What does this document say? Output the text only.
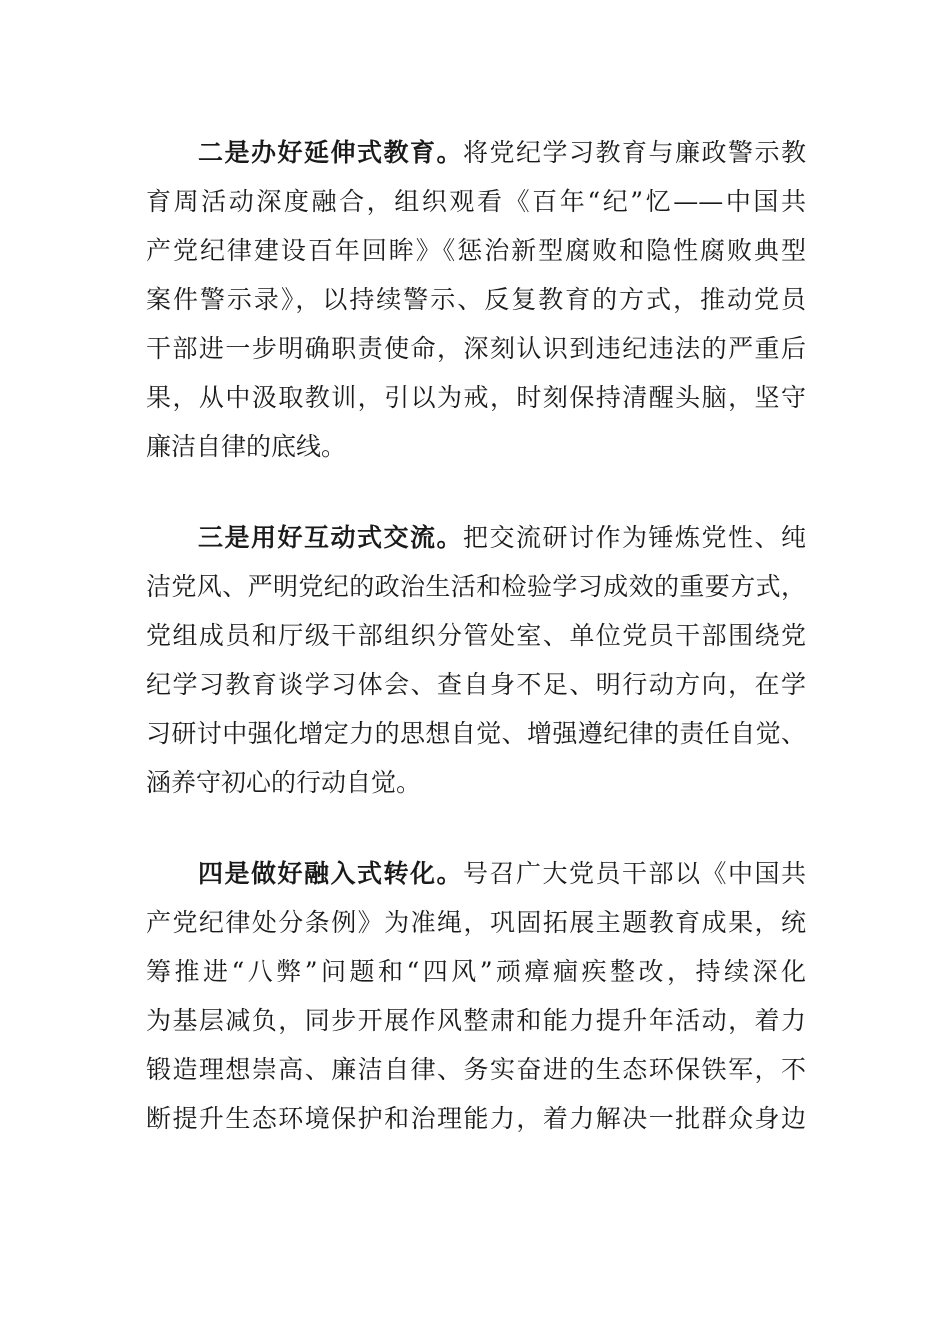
二是办好延伸式教育。将党纪学习教育与廉政警示教
育周活动深度融合，组织观看《百年“纪”忆——中国共
产党纪律建设百年回眸》《惩治新型腐败和隐性腐败典型
案件警示录》，以持续警示、反复教育的方式，推动党员
干部进一步明确职责使命，深刻认识到违纪违法的严重后
果，从中汲取教训，引以为戒，时刻保持清醒头脑，坚守
廉洁自律的底线。
三是用好互动式交流。把交流研讨作为锤炼党性、纯
洁党风、严明党纪的政治生活和检验学习成效的重要方式，
党组成员和厅级干部组织分管处室、单位党员干部围绕党
纪学习教育谈学习体会、查自身不足、明行动方向，在学
习研讨中强化增定力的思想自觉、增强遵纪律的责任自觉、
涵养守初心的行动自觉。
四是做好融入式转化。号召广大党员干部以《中国共
产党纪律处分条例》为准绳，巩固拓展主题教育成果，统
筹推进“八弊”问题和“四风”顽瘴痼疾整改，持续深化
为基层减负，同步开展作风整肃和能力提升年活动，着力
锻造理想崇高、廉洁自律、务实奋进的生态环保铁军，不
断提升生态环境保护和治理能力，着力解决一批群众身边
